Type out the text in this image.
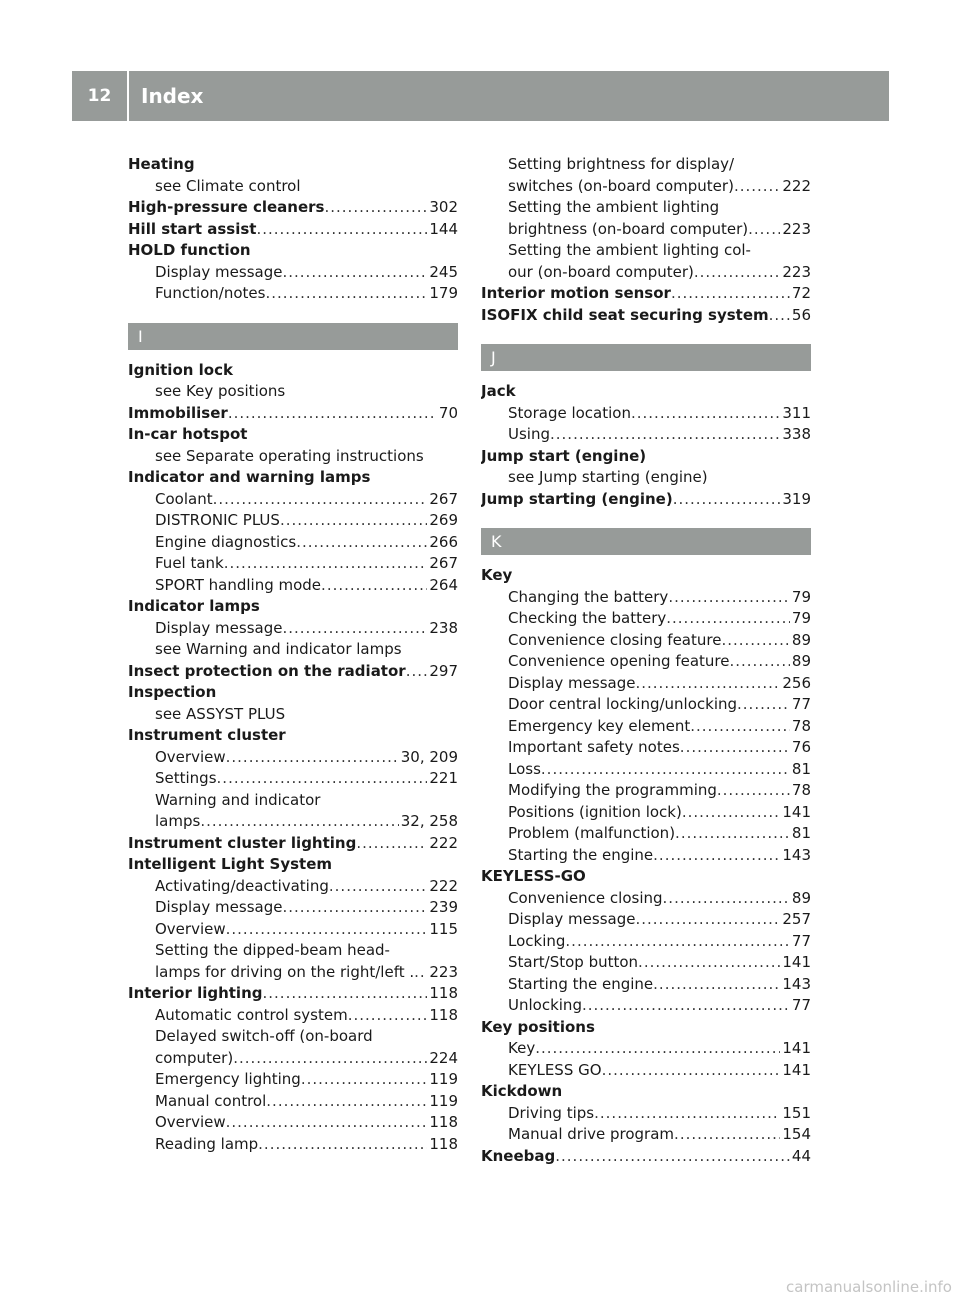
12	Index
Heating
see Climate control
High-pressure cleaners .....	302
Hill start assist .....	144
HOLD function
Display message .....	245
Function/notes .....	179
I
Ignition lock
see Key positions
Immobiliser .....	70
In-car hotspot
see Separate operating instructions
Indicator and warning lamps
Coolant .....	267
DISTRONIC PLUS .....	269
Engine diagnostics .....	266
Fuel tank .....	267
SPORT handling mode .....	264
Indicator lamps
Display message .....	238
see Warning and indicator lamps
Insect protection on the radiator ..... 297
Inspection
see ASSYST PLUS
Instrument cluster
Overview .....	30, 209
Settings .....	221
Warning and indicator
lamps .....	32, 258
Instrument cluster lighting .....	222
Intelligent Light System
Activating/deactivating .....	222
Display message .....	239
Overview .....	115
Setting the dipped-beam head-
lamps for driving on the right/left . ..... 223
Interior lighting .....	118
Automatic control system .....	118
Delayed switch-off (on-board
computer) .....	224
Emergency lighting .....	119
Manual control .....	119
Overview .....	118
Reading lamp .....	118
Setting brightness for display/
switches (on-board computer) .....	222
Setting the ambient lighting
brightness (on-board computer) ..... 223
Setting the ambient lighting col-
our (on-board computer) .....	223
Interior motion sensor .....	72
ISOFIX child seat securing system ..... 56
J
Jack
Storage location .....	311
Using .....	338
Jump start (engine)
see Jump starting (engine)
Jump starting (engine) .....	319
K
Key
Changing the battery .....	79
Checking the battery .....	79
Convenience closing feature .....	89
Convenience opening feature .....	89
Display message .....	256
Door central locking/unlocking .....	77
Emergency key element .....	78
Important safety notes .....	76
Loss .....	81
Modifying the programming .....	78
Positions (ignition lock) .....	141
Problem (malfunction) .....	81
Starting the engine .....	143
KEYLESS-GO
Convenience closing .....	89
Display message .....	257
Locking .....	77
Start/Stop button .....	141
Starting the engine .....	143
Unlocking .....	77
Key positions
Key .....	141
KEYLESS GO .....	141
Kickdown
Driving tips .....	151
Manual drive program .....	154
Kneebag .....	44
carmanualsonline.info
